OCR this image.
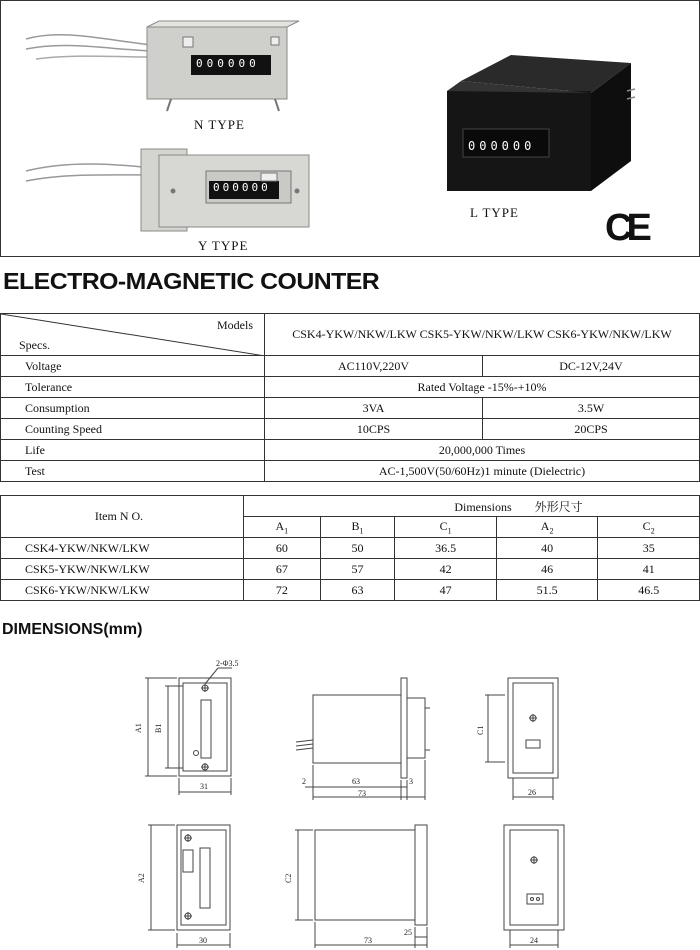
000000
N TYPE
000000
Y TYPE
000000
L TYPE CE
ELECTRO-MAGNETIC COUNTER
Specs.
Models	CSK4-YKW/NKW/LKW CSK5-YKW/NKW/LKW CSK6-YKW/NKW/LKW	
Voltage	AC110V,220V	DC-12V,24V
Tolerance	Rated Voltage -15%-+10%	
Consumption	3VA	3.5W
Counting Speed	10CPS	20CPS
Life	20,000,000 Times	
Test	AC-1,500V(50/60Hz)1 minute (Dielectric)	
Item N O.	Dimensions 外形尺寸				
	$A_1$	$B_1$	$C_1$	$A_2$	$C_2$
CSK4-YKW/NKW/LKW	60	50	36.5	40	35
CSK5-YKW/NKW/LKW	67	57	42	46	41
CSK6-YKW/NKW/LKW	72	63	47	51.5	46.5
DIMENSIONS(mm)
2-Φ3.5
A1 B1
31
2	63	3
73
C1
26
A2
30
C2
73
25
24
